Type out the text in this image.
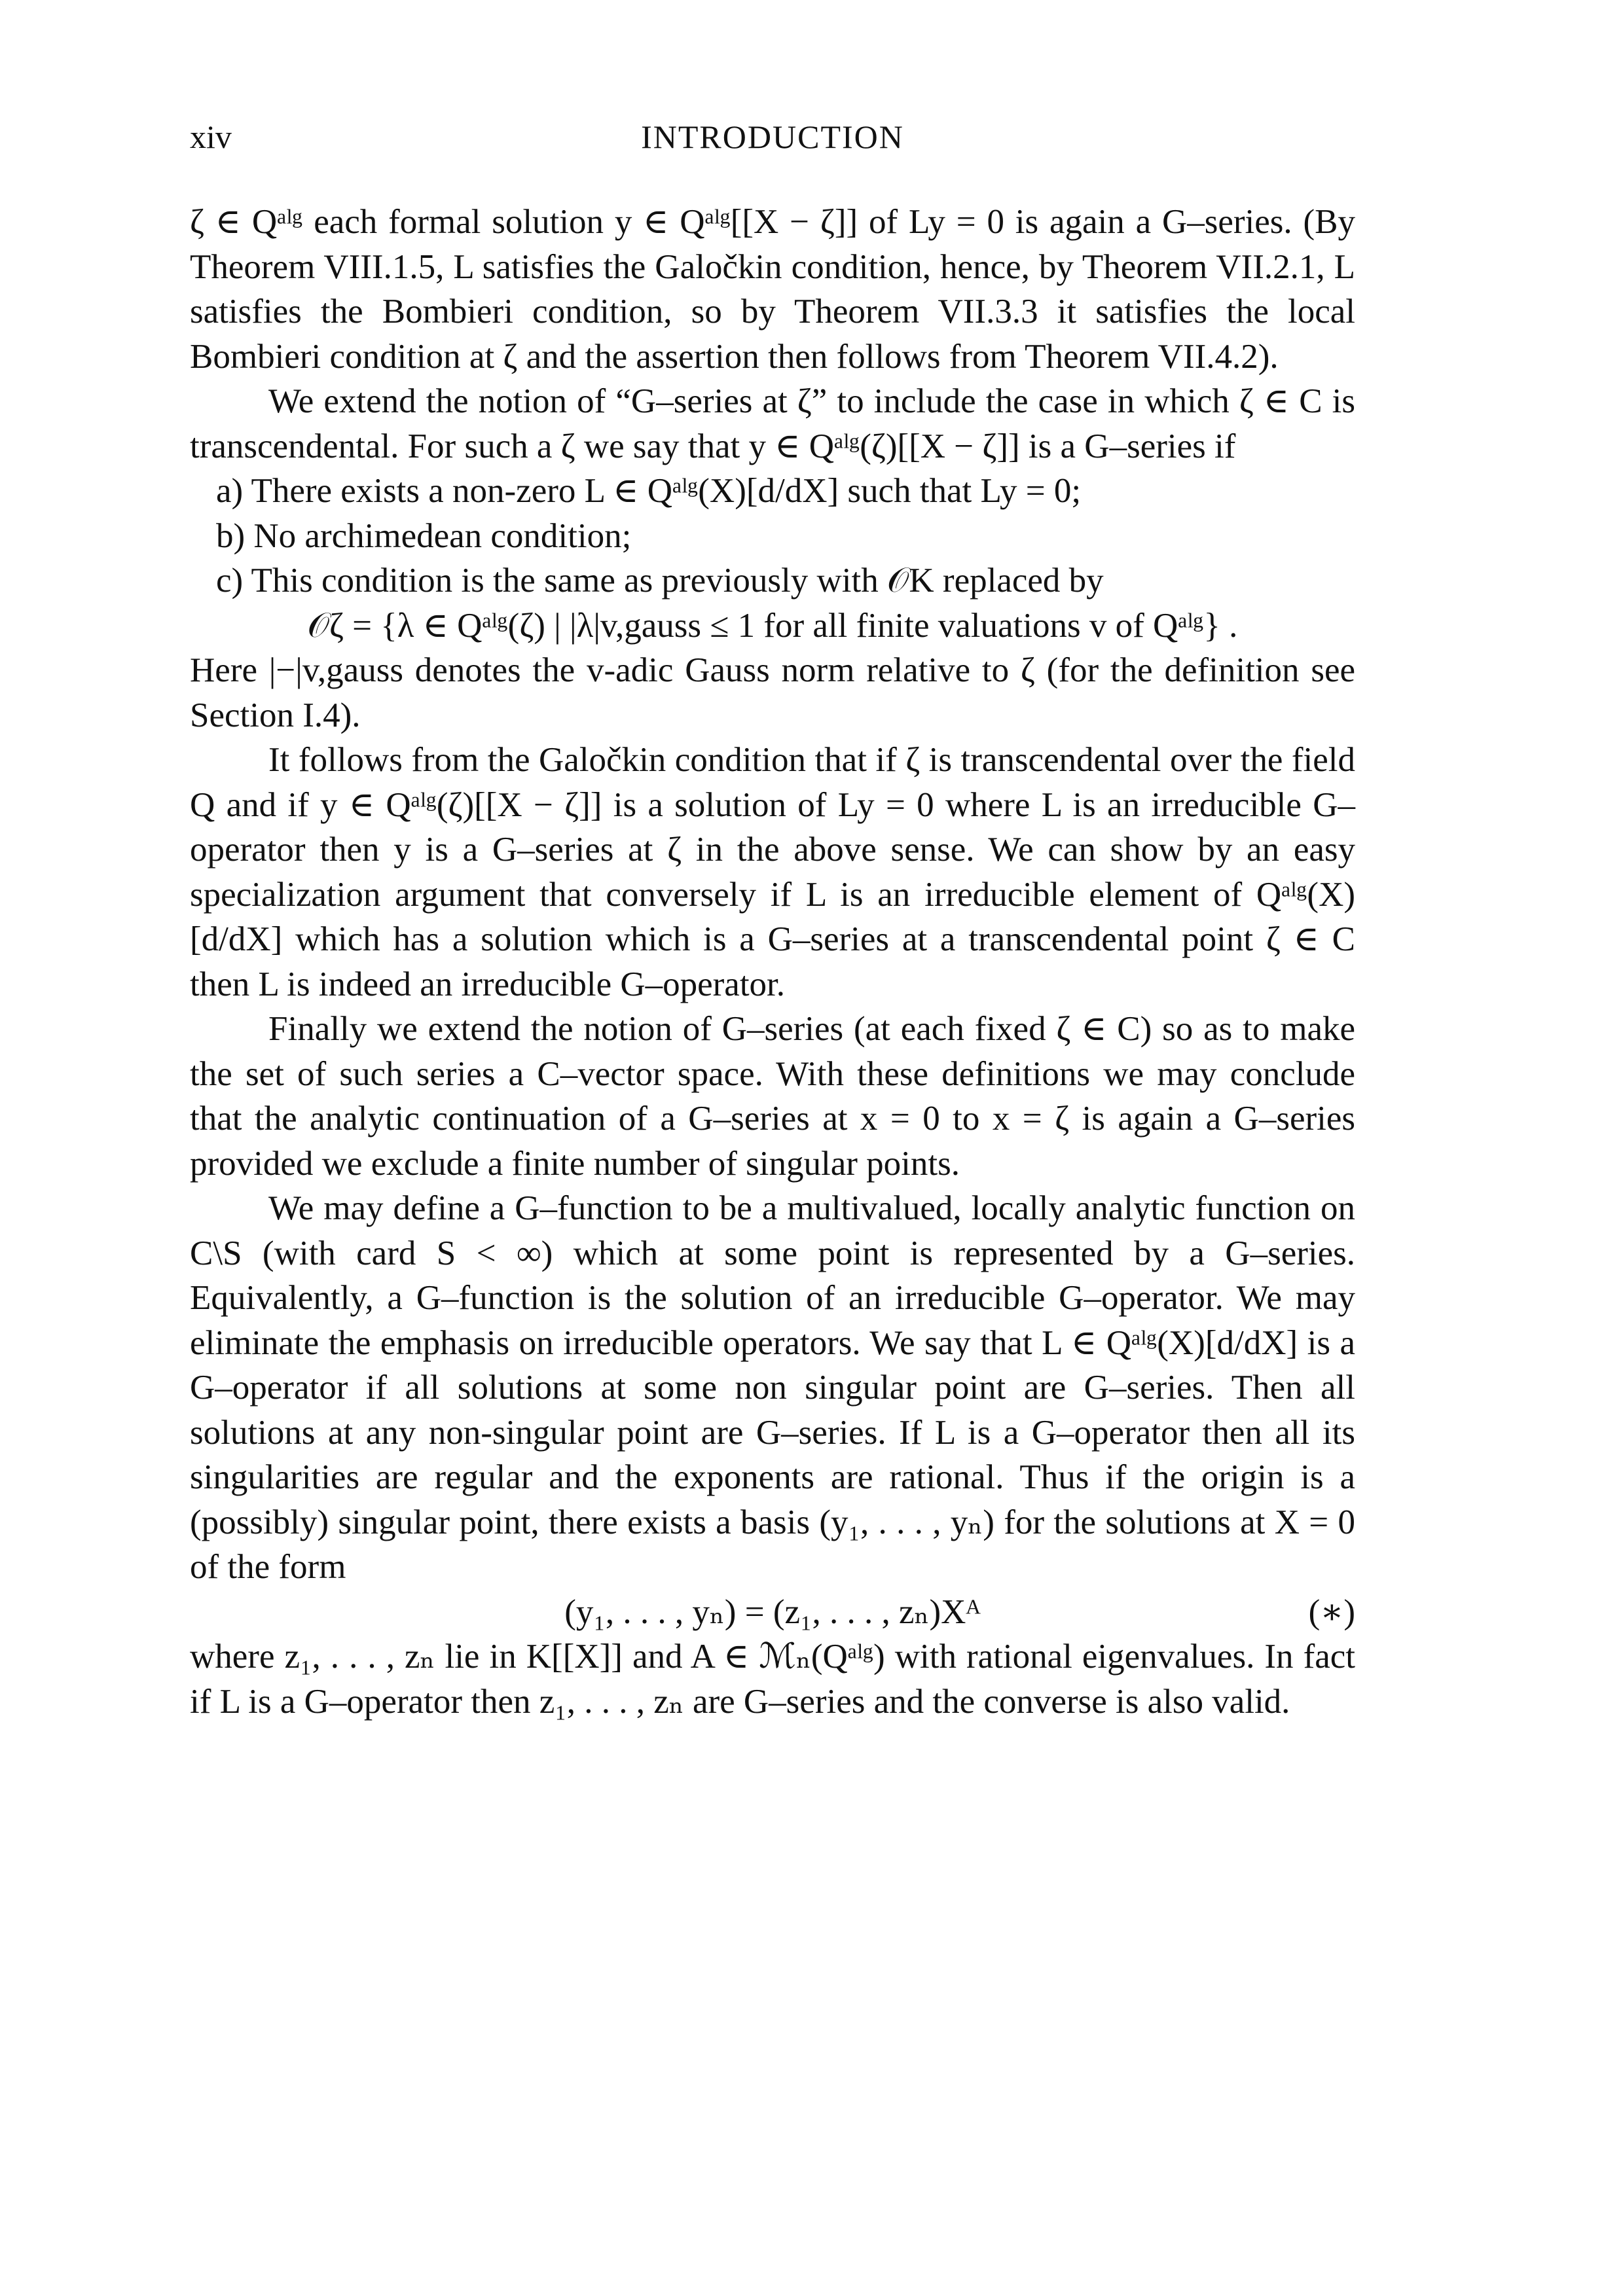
xiv	INTRODUCTION

ζ ∈ Qᵃˡᵍ each formal solution y ∈ Qᵃˡᵍ[[X − ζ]] of Ly = 0 is again a G–series. (By Theorem VIII.1.5, L satisfies the Galočkin condition, hence, by Theorem VII.2.1, L satisfies the Bombieri condition, so by Theorem VII.3.3 it satisfies the local Bombieri condition at ζ and the assertion then follows from Theorem VII.4.2).

We extend the notion of “G–series at ζ” to include the case in which ζ ∈ C is transcendental. For such a ζ we say that y ∈ Qᵃˡᵍ(ζ)[[X − ζ]] is a G–series if

a) There exists a non-zero L ∈ Qᵃˡᵍ(X)[d/dX] such that Ly = 0;
b) No archimedean condition;
c) This condition is the same as previously with 𝒪K replaced by

𝒪ζ = {λ ∈ Qᵃˡᵍ(ζ) | |λ|v,gauss ≤ 1 for all finite valuations v of Qᵃˡᵍ} .

Here |−|v,gauss denotes the v-adic Gauss norm relative to ζ (for the definition see Section I.4).

It follows from the Galočkin condition that if ζ is transcendental over the field Q and if y ∈ Qᵃˡᵍ(ζ)[[X − ζ]] is a solution of Ly = 0 where L is an irreducible G–operator then y is a G–series at ζ in the above sense. We can show by an easy specialization argument that conversely if L is an irreducible element of Qᵃˡᵍ(X)[d/dX] which has a solution which is a G–series at a transcendental point ζ ∈ C then L is indeed an irreducible G–operator.

Finally we extend the notion of G–series (at each fixed ζ ∈ C) so as to make the set of such series a C–vector space. With these definitions we may conclude that the analytic continuation of a G–series at x = 0 to x = ζ is again a G–series provided we exclude a finite number of singular points.

We may define a G–function to be a multivalued, locally analytic function on C\S (with card S < ∞) which at some point is represented by a G–series. Equivalently, a G–function is the solution of an irreducible G–operator. We may eliminate the emphasis on irreducible operators. We say that L ∈ Qᵃˡᵍ(X)[d/dX] is a G–operator if all solutions at some non singular point are G–series. Then all solutions at any non-singular point are G–series. If L is a G–operator then all its singularities are regular and the exponents are rational. Thus if the origin is a (possibly) singular point, there exists a basis (y₁, . . . , yₙ) for the solutions at X = 0 of the form

(y₁, . . . , yₙ) = (z₁, . . . , zₙ)Xᴬ	(∗)

where z₁, . . . , zₙ lie in K[[X]] and A ∈ ℳₙ(Qᵃˡᵍ) with rational eigenvalues. In fact if L is a G–operator then z₁, . . . , zₙ are G–series and the converse is also valid.
